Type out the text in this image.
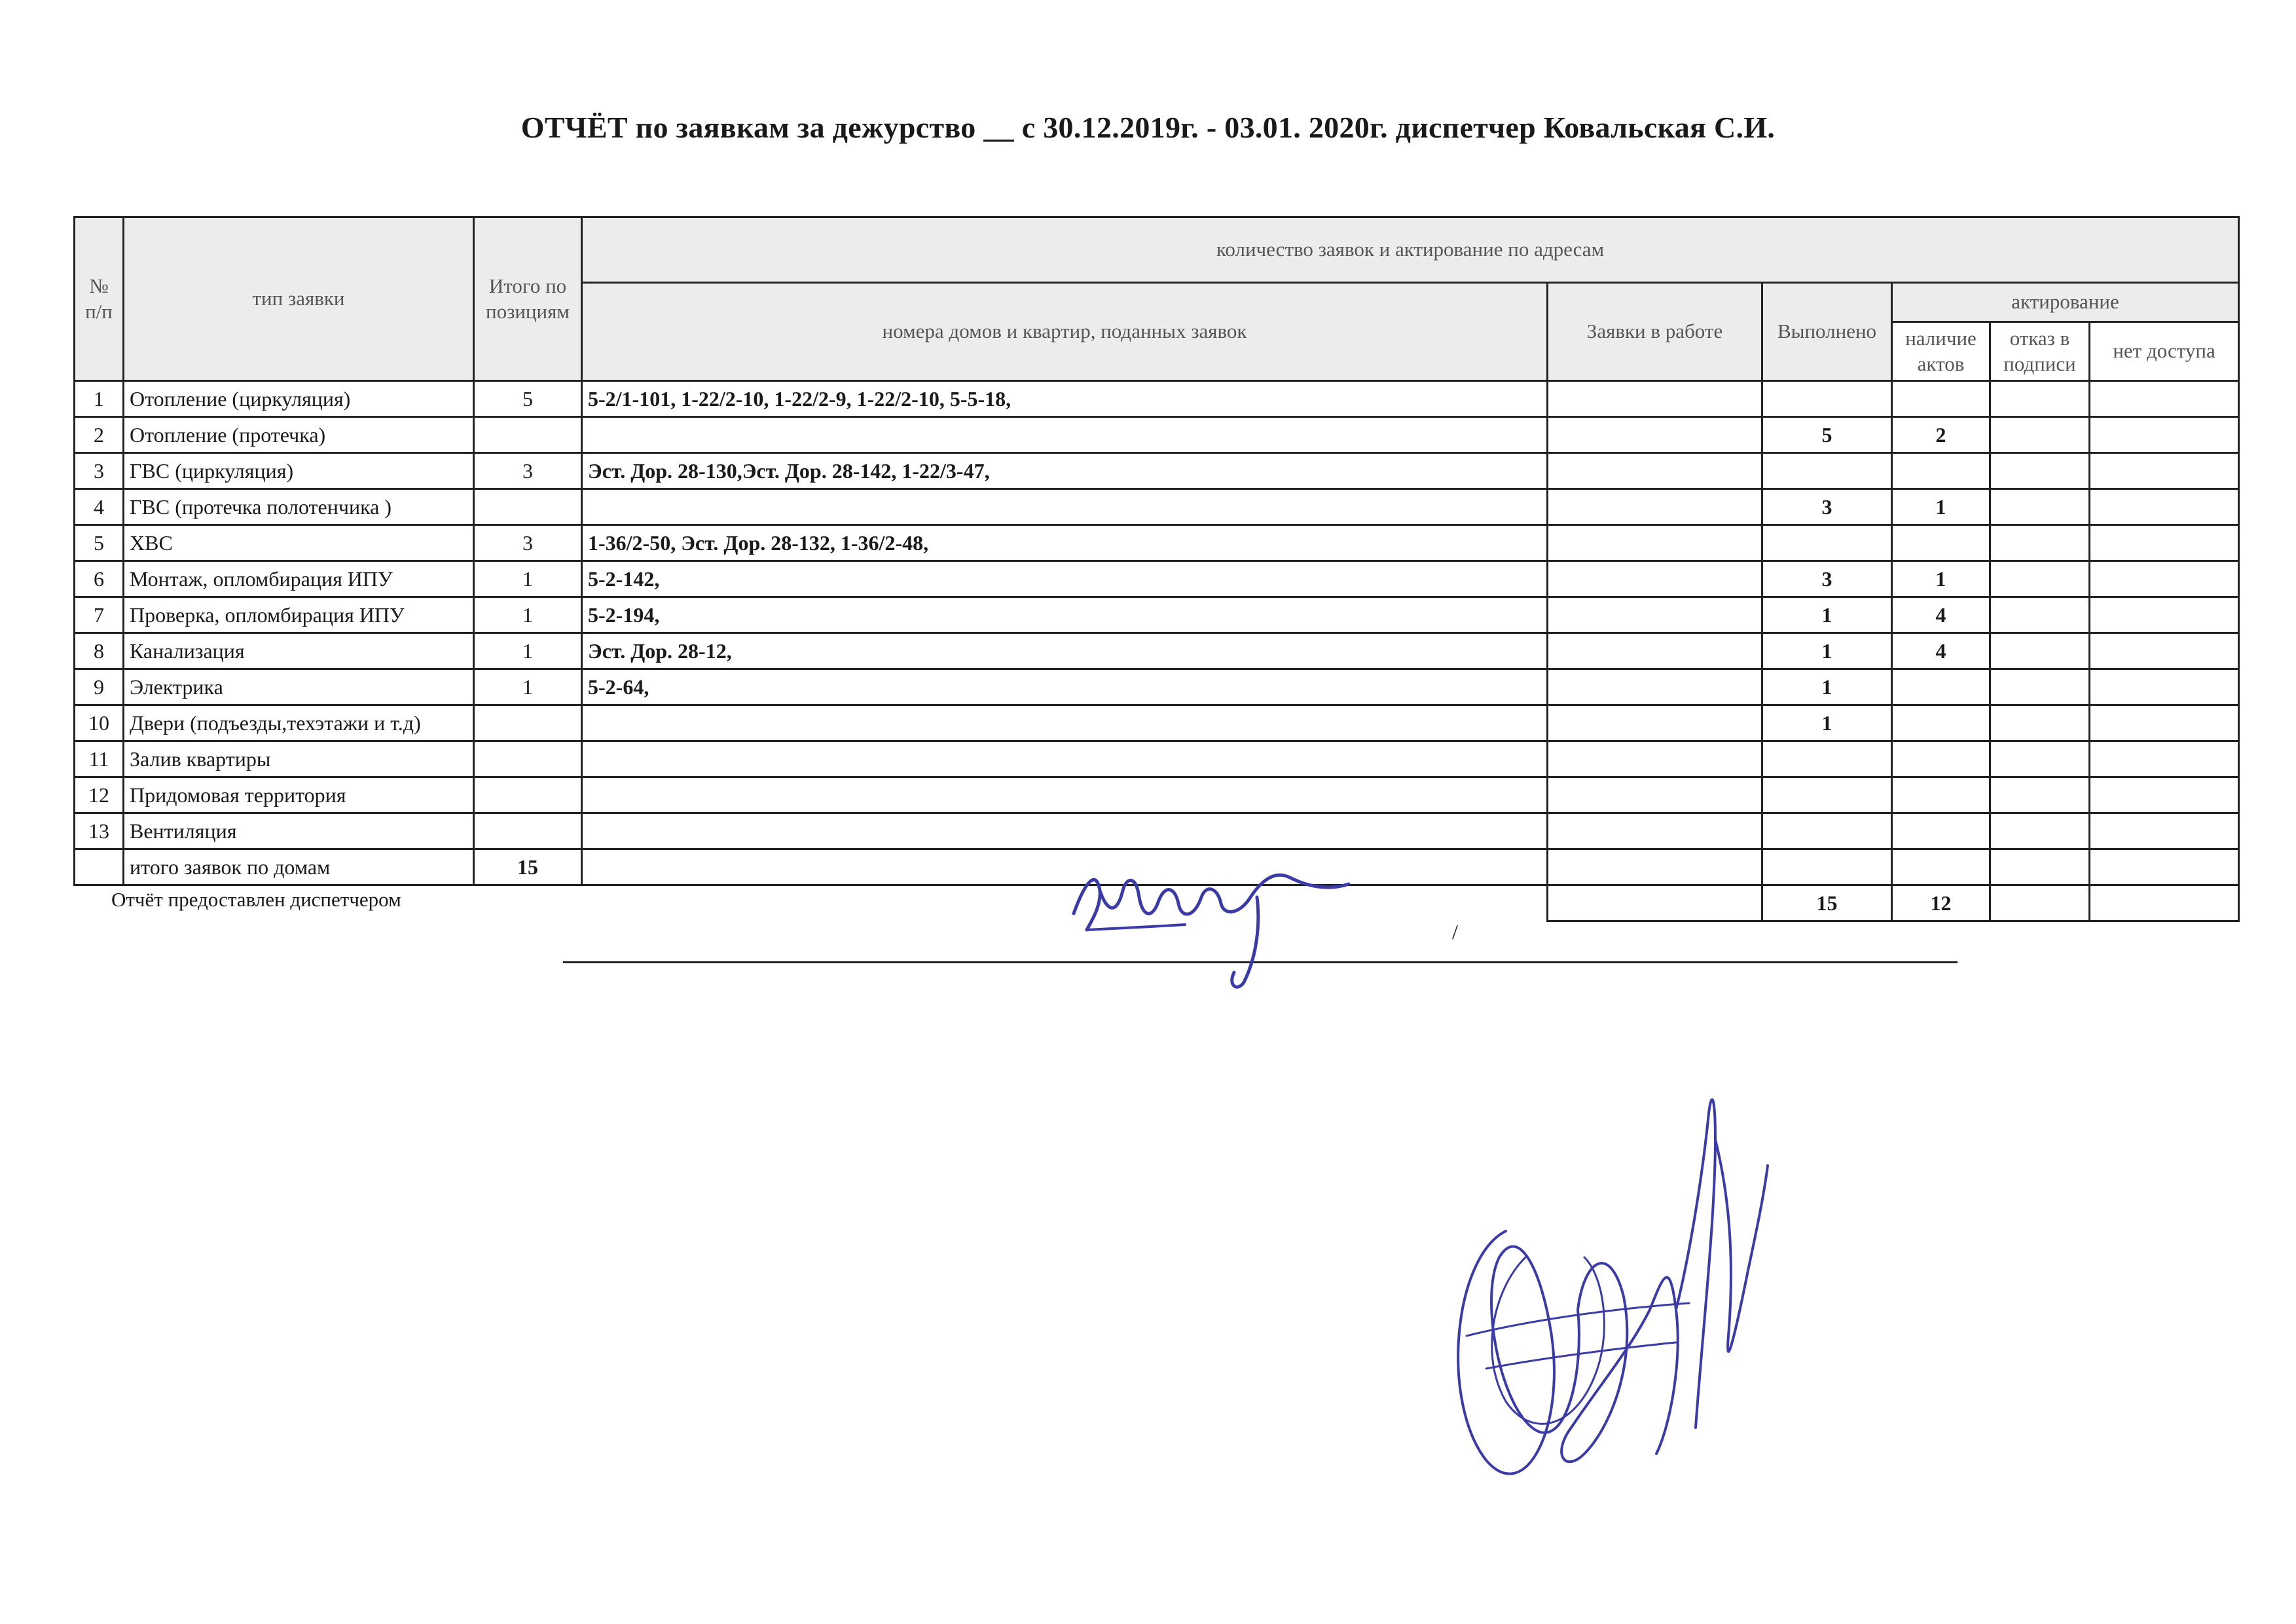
ОТЧЁТ по заявкам за дежурство __ с 30.12.2019г. - 03.01. 2020г. диспетчер Ковальская С.И.
№ п/п	тип заявки	Итого по позициям	количество заявок и актирование по адресам					
			номера домов и квартир, поданных заявок	Заявки в работе	Выполнено	актирование		
						наличие актов	отказ в подписи	нет доступа
1	Отопление (циркуляция)	5	5-2/1-101, 1-22/2-10, 1-22/2-9, 1-22/2-10, 5-5-18,					
2	Отопление (протечка)				5	2		
3	ГВС (циркуляция)	3	Эст. Дор. 28-130,Эст. Дор. 28-142, 1-22/3-47,					
4	ГВС (протечка полотенчика )				3	1		
5	ХВС	3	1-36/2-50, Эст. Дор. 28-132, 1-36/2-48,					
6	Монтаж, опломбирация ИПУ	1	5-2-142,		3	1		
7	Проверка, опломбирация ИПУ	1	5-2-194,		1	4		
8	Канализация	1	Эст. Дор. 28-12,		1	4		
9	Электрика	1	5-2-64,		1			
10	Двери (подъезды,техэтажи и т.д)				1			
11	Залив квартиры							
12	Придомовая территория							
13	Вентиляция							
	итого заявок по домам	15						
					15	12		
Отчёт предоставлен диспетчером
/
